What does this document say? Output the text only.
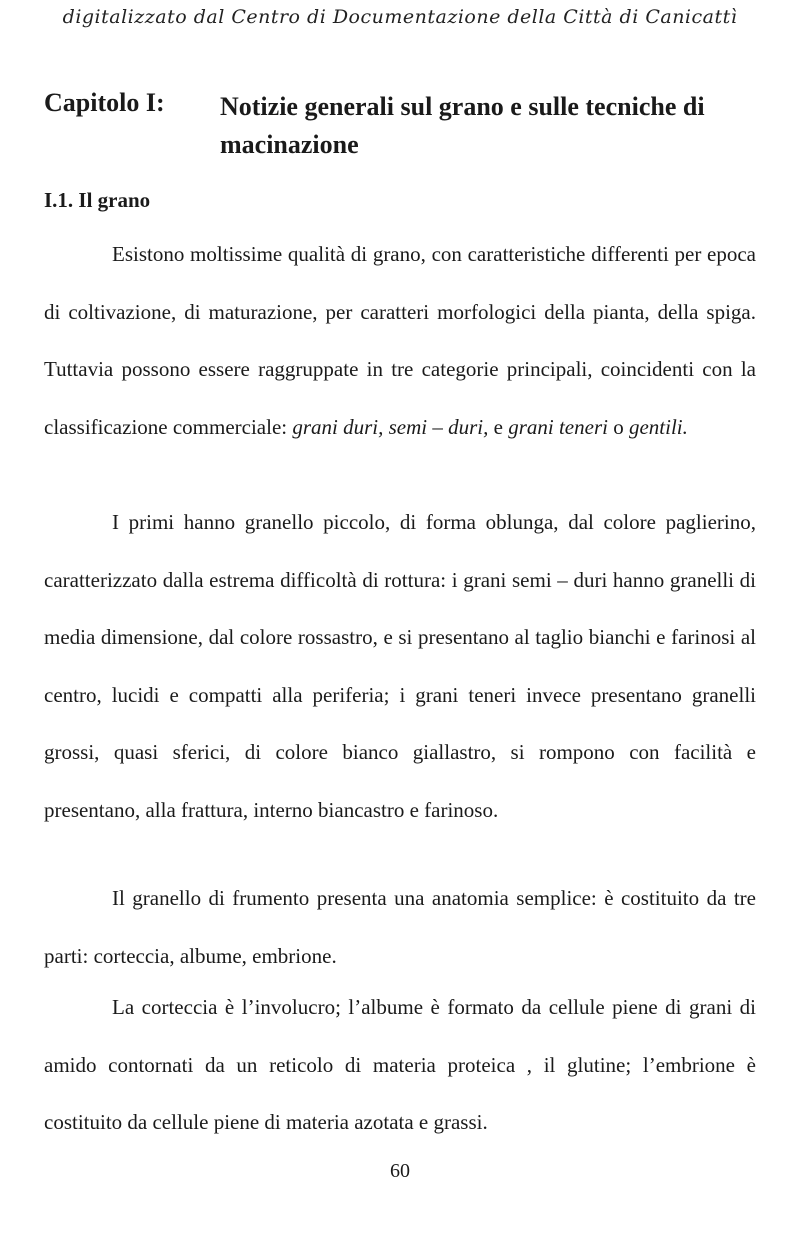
digitalizzato dal Centro di Documentazione della Città di Canicattì
Capitolo I: Notizie generali sul grano e sulle tecniche di macinazione
I.1. Il grano

Esistono moltissime qualità di grano, con caratteristiche differenti per epoca di coltivazione, di maturazione, per caratteri morfologici della pianta, della spiga. Tuttavia possono essere raggruppate in tre categorie principali, coincidenti con la classificazione commerciale: grani duri, semi – duri, e grani teneri o gentili.

I primi hanno granello piccolo, di forma oblunga, dal colore paglierino, caratterizzato dalla estrema difficoltà di rottura: i grani semi – duri hanno granelli di media dimensione, dal colore rossastro, e si presentano al taglio bianchi e farinosi al centro, lucidi e compatti alla periferia; i grani teneri invece presentano granelli grossi, quasi sferici, di colore bianco giallastro, si rompono con facilità e presentano, alla frattura, interno biancastro e farinoso.

Il granello di frumento presenta una anatomia semplice: è costituito da tre parti: corteccia, albume, embrione.

La corteccia è l’involucro; l’albume è formato da cellule piene di grani di amido contornati da un reticolo di materia proteica , il glutine; l’embrione è costituito da cellule piene di materia azotata e grassi.

60
